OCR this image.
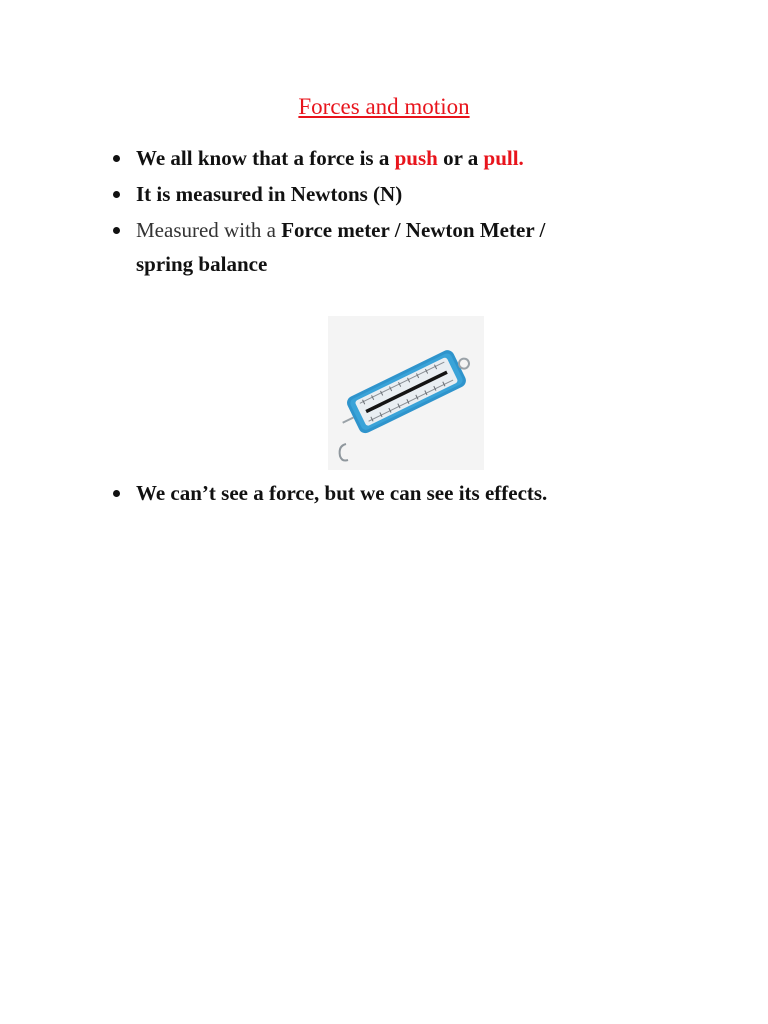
Forces and motion
We all know that a force is a push or a pull.
It is measured in Newtons (N)
Measured with a Force meter / Newton Meter /
spring balance
We can’t see a force, but we can see its effects.
